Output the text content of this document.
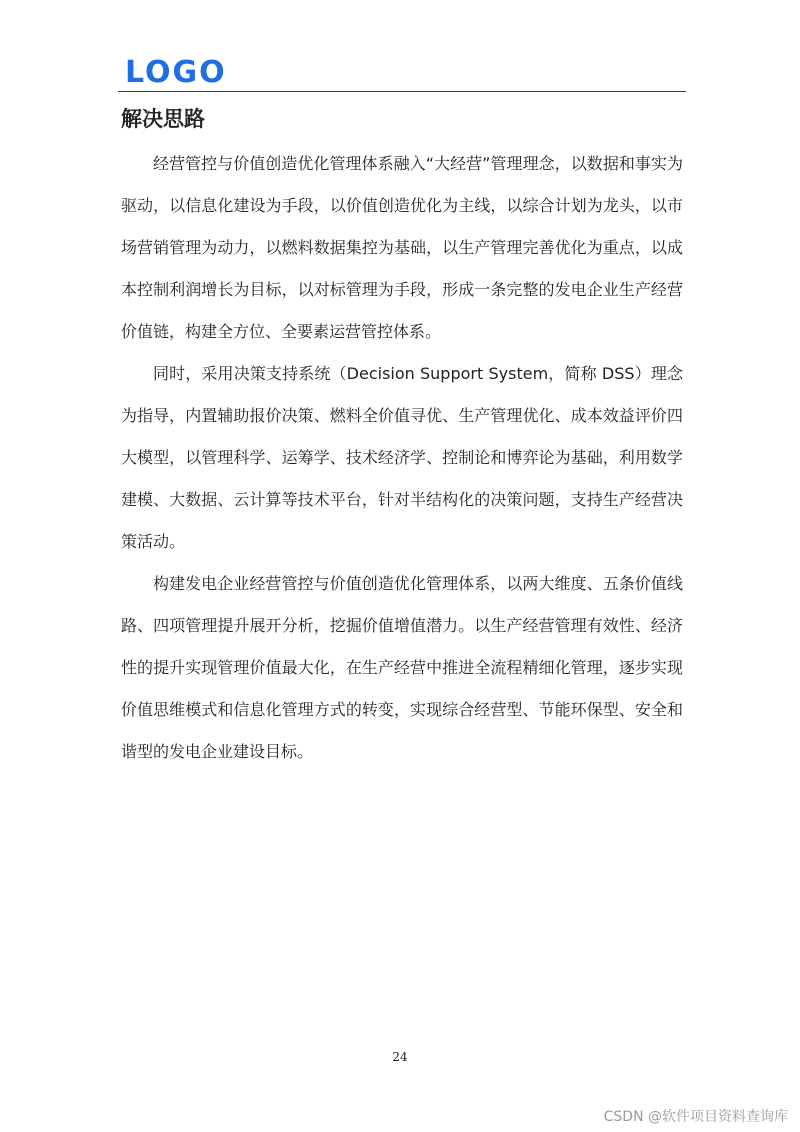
LOGO
解决思路

经营管控与价值创造优化管理体系融入“大经营”管理理念，以数据和事实为驱动，以信息化建设为手段，以价值创造优化为主线，以综合计划为龙头，以市场营销管理为动力，以燃料数据集控为基础，以生产管理完善优化为重点，以成本控制利润增长为目标，以对标管理为手段，形成一条完整的发电企业生产经营价值链，构建全方位、全要素运营管控体系。

同时，采用决策支持系统（Decision Support System，简称 DSS）理念为指导，内置辅助报价决策、燃料全价值寻优、生产管理优化、成本效益评价四大模型，以管理科学、运筹学、技术经济学、控制论和博弈论为基础，利用数学建模、大数据、云计算等技术平台，针对半结构化的决策问题，支持生产经营决策活动。

构建发电企业经营管控与价值创造优化管理体系，以两大维度、五条价值线路、四项管理提升展开分析，挖掘价值增值潜力。以生产经营管理有效性、经济性的提升实现管理价值最大化，在生产经营中推进全流程精细化管理，逐步实现价值思维模式和信息化管理方式的转变，实现综合经营型、节能环保型、安全和谐型的发电企业建设目标。

24
CSDN @软件项目资料查询库
